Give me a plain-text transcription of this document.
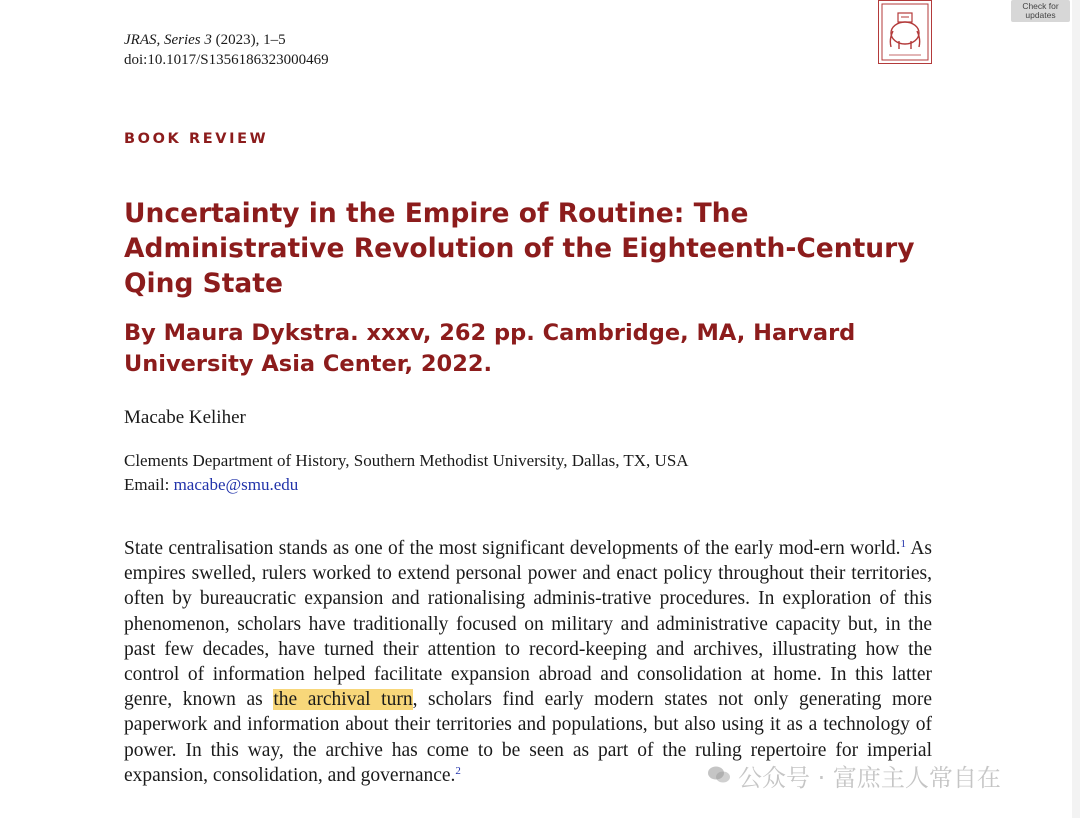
JRAS, Series 3 (2023), 1–5
doi:10.1017/S1356186323000469
Check for updates
BOOK REVIEW
Uncertainty in the Empire of Routine: The Administrative Revolution of the Eighteenth-Century Qing State
By Maura Dykstra. xxxv, 262 pp. Cambridge, MA, Harvard University Asia Center, 2022.
Macabe Keliher
Clements Department of History, Southern Methodist University, Dallas, TX, USA
Email: macabe@smu.edu

State centralisation stands as one of the most significant developments of the early mod-ern world.$^1$ As empires swelled, rulers worked to extend personal power and enact policy throughout their territories, often by bureaucratic expansion and rationalising adminis-trative procedures. In exploration of this phenomenon, scholars have traditionally focused on military and administrative capacity but, in the past few decades, have turned their attention to record-keeping and archives, illustrating how the control of information helped facilitate expansion abroad and consolidation at home. In this latter genre, known as the archival turn, scholars find early modern states not only generating more paperwork and information about their territories and populations, but also using it as a technology of power. In this way, the archive has come to be seen as part of the ruling repertoire for imperial expansion, consolidation, and governance.$^2$	公众号 · 富庶主人常自在
